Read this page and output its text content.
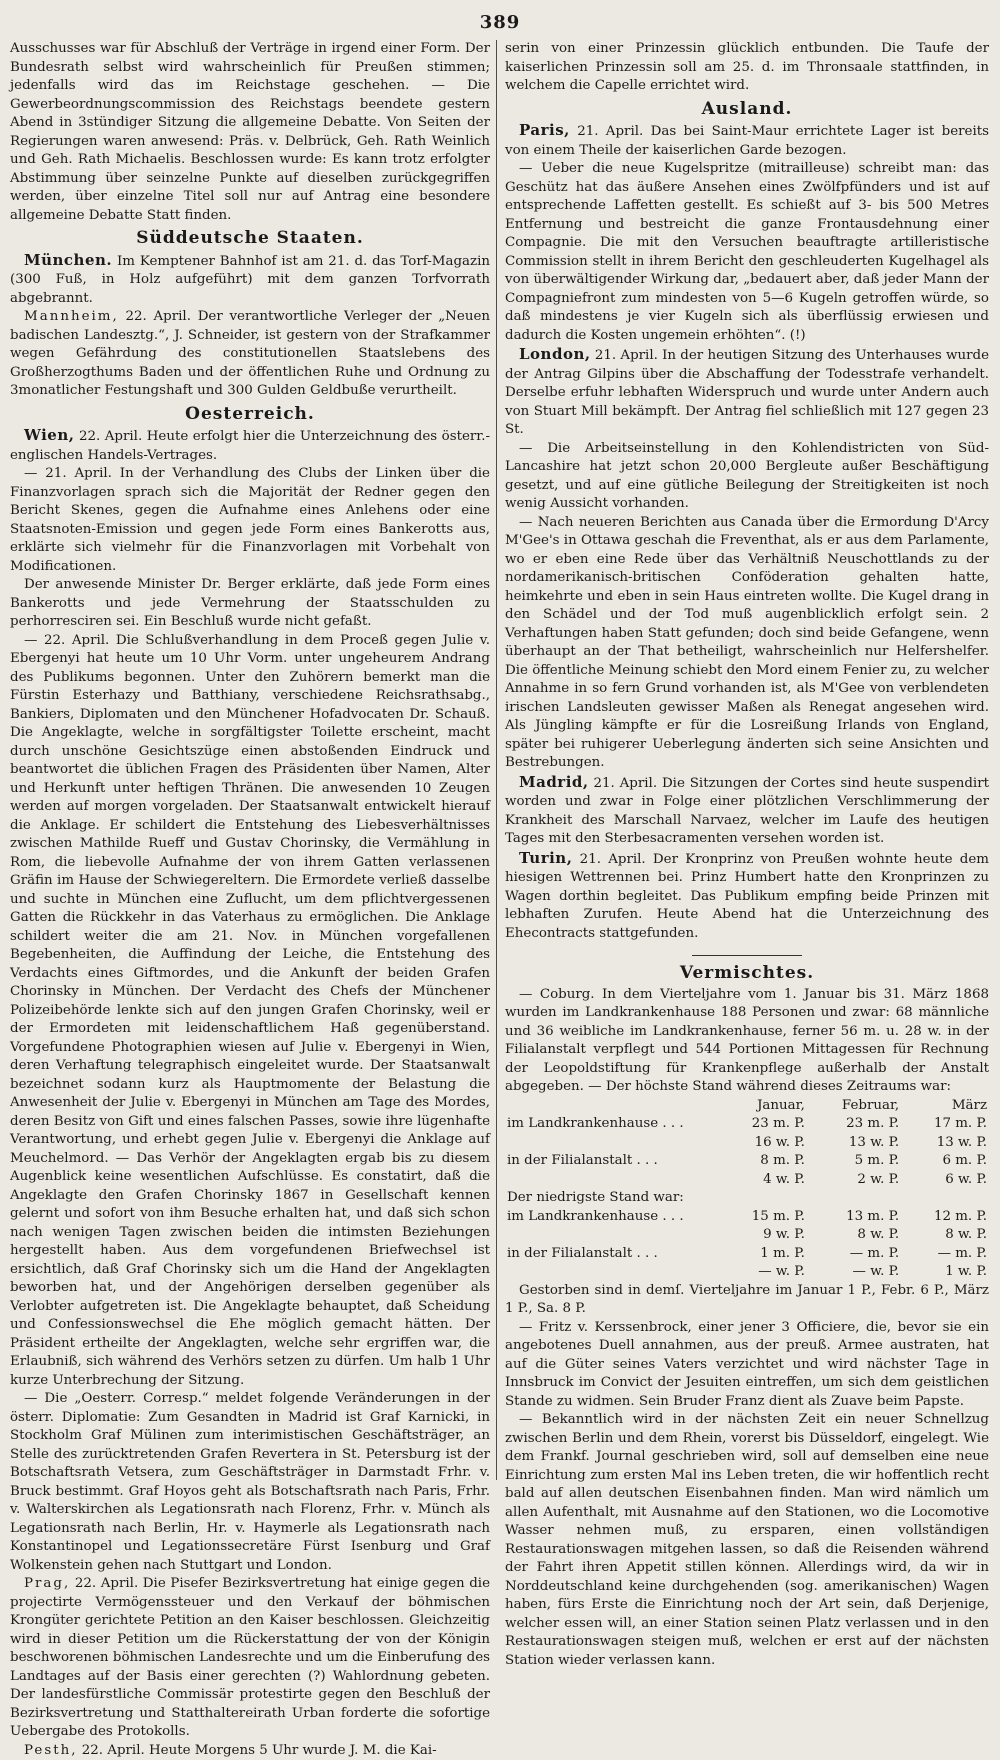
389

Ausschusses war für Abschluß der Verträge in irgend einer Form. Der Bundesrath selbst wird wahrscheinlich für Preußen stimmen; jedenfalls wird das im Reichstage geschehen. — Die Gewerbeordnungscommission des Reichstags beendete gestern Abend in 3stündiger Sitzung die allgemeine Debatte. Von Seiten der Regierungen waren anwesend: Präs. v. Delbrück, Geh. Rath Weinlich und Geh. Rath Michaelis. Beschlossen wurde: Es kann trotz erfolgter Abstimmung über seinzelne Punkte auf dieselben zurückgegriffen werden, über einzelne Titel soll nur auf Antrag eine besondere allgemeine Debatte Statt finden.

Süddeutsche Staaten.

München. Im Kemptener Bahnhof ist am 21. d. das Torf-Magazin (300 Fuß, in Holz aufgeführt) mit dem ganzen Torfvorrath abgebrannt.

Mannheim, 22. April. Der verantwortliche Verleger der „Neuen badischen Landesztg.“, J. Schneider, ist gestern von der Strafkammer wegen Gefährdung des constitutionellen Staatslebens des Großherzogthums Baden und der öffentlichen Ruhe und Ordnung zu 3monatlicher Festungshaft und 300 Gulden Geldbuße verurtheilt.

Oesterreich.

Wien, 22. April. Heute erfolgt hier die Unterzeichnung des österr.-englischen Handels-Vertrages.

— 21. April. In der Verhandlung des Clubs der Linken über die Finanzvorlagen sprach sich die Majorität der Redner gegen den Bericht Skenes, gegen die Aufnahme eines Anlehens oder eine Staatsnoten-Emission und gegen jede Form eines Bankerotts aus, erklärte sich vielmehr für die Finanzvorlagen mit Vorbehalt von Modificationen.

Der anwesende Minister Dr. Berger erklärte, daß jede Form eines Bankerotts und jede Vermehrung der Staatsschulden zu perhorresciren sei. Ein Beschluß wurde nicht gefaßt.

— 22. April. Die Schlußverhandlung in dem Proceß gegen Julie v. Ebergenyi hat heute um 10 Uhr Vorm. unter ungeheurem Andrang des Publikums begonnen. Unter den Zuhörern bemerkt man die Fürstin Esterhazy und Batthiany, verschiedene Reichsrathsabg., Bankiers, Diplomaten und den Münchener Hofadvocaten Dr. Schauß. Die Angeklagte, welche in sorgfältigster Toilette erscheint, macht durch unschöne Gesichtszüge einen abstoßenden Eindruck und beantwortet die üblichen Fragen des Präsidenten über Namen, Alter und Herkunft unter heftigen Thränen. Die anwesenden 10 Zeugen werden auf morgen vorgeladen. Der Staatsanwalt entwickelt hierauf die Anklage. Er schildert die Entstehung des Liebesverhältnisses zwischen Mathilde Rueff und Gustav Chorinsky, die Vermählung in Rom, die liebevolle Aufnahme der von ihrem Gatten verlassenen Gräfin im Hause der Schwiegereltern. Die Ermordete verließ dasselbe und suchte in München eine Zuflucht, um dem pflichtvergessenen Gatten die Rückkehr in das Vaterhaus zu ermöglichen. Die Anklage schildert weiter die am 21. Nov. in München vorgefallenen Begebenheiten, die Auffindung der Leiche, die Entstehung des Verdachts eines Giftmordes, und die Ankunft der beiden Grafen Chorinsky in München. Der Verdacht des Chefs der Münchener Polizeibehörde lenkte sich auf den jungen Grafen Chorinsky, weil er der Ermordeten mit leidenschaftlichem Haß gegenüberstand. Vorgefundene Photographien wiesen auf Julie v. Ebergenyi in Wien, deren Verhaftung telegraphisch eingeleitet wurde. Der Staatsanwalt bezeichnet sodann kurz als Hauptmomente der Belastung die Anwesenheit der Julie v. Ebergenyi in München am Tage des Mordes, deren Besitz von Gift und eines falschen Passes, sowie ihre lügenhafte Verantwortung, und erhebt gegen Julie v. Ebergenyi die Anklage auf Meuchelmord. — Das Verhör der Angeklagten ergab bis zu diesem Augenblick keine wesentlichen Aufschlüsse. Es constatirt, daß die Angeklagte den Grafen Chorinsky 1867 in Gesellschaft kennen gelernt und sofort von ihm Besuche erhalten hat, und daß sich schon nach wenigen Tagen zwischen beiden die intimsten Beziehungen hergestellt haben. Aus dem vorgefundenen Briefwechsel ist ersichtlich, daß Graf Chorinsky sich um die Hand der Angeklagten beworben hat, und der Angehörigen derselben gegenüber als Verlobter aufgetreten ist. Die Angeklagte behauptet, daß Scheidung und Confessionswechsel die Ehe möglich gemacht hätten. Der Präsident ertheilte der Angeklagten, welche sehr ergriffen war, die Erlaubniß, sich während des Verhörs setzen zu dürfen. Um halb 1 Uhr kurze Unterbrechung der Sitzung.

— Die „Oesterr. Corresp.“ meldet folgende Veränderungen in der österr. Diplomatie: Zum Gesandten in Madrid ist Graf Karnicki, in Stockholm Graf Mülinen zum interimistischen Geschäftsträger, an Stelle des zurücktretenden Grafen Revertera in St. Petersburg ist der Botschaftsrath Vetsera, zum Geschäftsträger in Darmstadt Frhr. v. Bruck bestimmt. Graf Hoyos geht als Botschaftsrath nach Paris, Frhr. v. Walterskirchen als Legationsrath nach Florenz, Frhr. v. Münch als Legationsrath nach Berlin, Hr. v. Haymerle als Legationsrath nach Konstantinopel und Legationssecretäre Fürst Isenburg und Graf Wolkenstein gehen nach Stuttgart und London.

Prag, 22. April. Die Pisefer Bezirksvertretung hat einige gegen die projectirte Vermögenssteuer und den Verkauf der böhmischen Krongüter gerichtete Petition an den Kaiser beschlossen. Gleichzeitig wird in dieser Petition um die Rückerstattung der von der Königin beschworenen böhmischen Landesrechte und um die Einberufung des Landtages auf der Basis einer gerechten (?) Wahlordnung gebeten. Der landesfürstliche Commissär protestirte gegen den Beschluß der Bezirksvertretung und Statthaltereirath Urban forderte die sofortige Uebergabe des Protokolls.

Pesth, 22. April. Heute Morgens 5 Uhr wurde J. M. die Kai-

serin von einer Prinzessin glücklich entbunden. Die Taufe der kaiserlichen Prinzessin soll am 25. d. im Thronsaale stattfinden, in welchem die Capelle errichtet wird.

Ausland.

Paris, 21. April. Das bei Saint-Maur errichtete Lager ist bereits von einem Theile der kaiserlichen Garde bezogen.

— Ueber die neue Kugelspritze (mitrailleuse) schreibt man: das Geschütz hat das äußere Ansehen eines Zwölfpfünders und ist auf entsprechende Laffetten gestellt. Es schießt auf 3- bis 500 Metres Entfernung und bestreicht die ganze Frontausdehnung einer Compagnie. Die mit den Versuchen beauftragte artilleristische Commission stellt in ihrem Bericht den geschleuderten Kugelhagel als von überwältigender Wirkung dar, „bedauert aber, daß jeder Mann der Compagniefront zum mindesten von 5—6 Kugeln getroffen würde, so daß mindestens je vier Kugeln sich als überflüssig erwiesen und dadurch die Kosten ungemein erhöhten“. (!)

London, 21. April. In der heutigen Sitzung des Unterhauses wurde der Antrag Gilpins über die Abschaffung der Todesstrafe verhandelt. Derselbe erfuhr lebhaften Widerspruch und wurde unter Andern auch von Stuart Mill bekämpft. Der Antrag fiel schließlich mit 127 gegen 23 St.

— Die Arbeitseinstellung in den Kohlendistricten von Süd-Lancashire hat jetzt schon 20,000 Bergleute außer Beschäftigung gesetzt, und auf eine gütliche Beilegung der Streitigkeiten ist noch wenig Aussicht vorhanden.

— Nach neueren Berichten aus Canada über die Ermordung D'Arcy M'Gee's in Ottawa geschah die Freventhat, als er aus dem Parlamente, wo er eben eine Rede über das Verhältniß Neuschottlands zu der nordamerikanisch-britischen Conföderation gehalten hatte, heimkehrte und eben in sein Haus eintreten wollte. Die Kugel drang in den Schädel und der Tod muß augenblicklich erfolgt sein. 2 Verhaftungen haben Statt gefunden; doch sind beide Gefangene, wenn überhaupt an der That betheiligt, wahrscheinlich nur Helfershelfer. Die öffentliche Meinung schiebt den Mord einem Fenier zu, zu welcher Annahme in so fern Grund vorhanden ist, als M'Gee von verblendeten irischen Landsleuten gewisser Maßen als Renegat angesehen wird. Als Jüngling kämpfte er für die Losreißung Irlands von England, später bei ruhigerer Ueberlegung änderten sich seine Ansichten und Bestrebungen.

Madrid, 21. April. Die Sitzungen der Cortes sind heute suspendirt worden und zwar in Folge einer plötzlichen Verschlimmerung der Krankheit des Marschall Narvaez, welcher im Laufe des heutigen Tages mit den Sterbesacramenten versehen worden ist.

Turin, 21. April. Der Kronprinz von Preußen wohnte heute dem hiesigen Wettrennen bei. Prinz Humbert hatte den Kronprinzen zu Wagen dorthin begleitet. Das Publikum empfing beide Prinzen mit lebhaften Zurufen. Heute Abend hat die Unterzeichnung des Ehecontracts stattgefunden.

Vermischtes.

— Coburg. In dem Vierteljahre vom 1. Januar bis 31. März 1868 wurden im Landkrankenhause 188 Personen und zwar: 68 männliche und 36 weibliche im Landkrankenhause, ferner 56 m. u. 28 w. in der Filialanstalt verpflegt und 544 Portionen Mittagessen für Rechnung der Leopoldstiftung für Krankenpflege außerhalb der Anstalt abgegeben. — Der höchste Stand während dieses Zeitraums war:

	Januar,	Februar,	März
im Landkrankenhause . . .	23 m. P.	23 m. P.	17 m. P.
	16 w. P.	13 w. P.	13 w. P.
in der Filialanstalt . . .	8 m. P.	5 m. P.	6 m. P.
	4 w. P.	2 w. P.	6 w. P.
Der niedrigste Stand war:			
im Landkrankenhause . . .	15 m. P.	13 m. P.	12 m. P.
	9 w. P.	8 w. P.	8 w. P.
in der Filialanstalt . . .	1 m. P.	— m. P.	— m. P.
	— w. P.	— w. P.	1 w. P.

Gestorben sind in demſ. Vierteljahre im Januar 1 P., Febr. 6 P., März 1 P., Sa. 8 P.

— Fritz v. Kerssenbrock, einer jener 3 Officiere, die, bevor sie ein angebotenes Duell annahmen, aus der preuß. Armee austraten, hat auf die Güter seines Vaters verzichtet und wird nächster Tage in Innsbruck im Convict der Jesuiten eintreffen, um sich dem geistlichen Stande zu widmen. Sein Bruder Franz dient als Zuave beim Papste.

— Bekanntlich wird in der nächsten Zeit ein neuer Schnellzug zwischen Berlin und dem Rhein, vorerst bis Düsseldorf, eingelegt. Wie dem Frankf. Journal geschrieben wird, soll auf demselben eine neue Einrichtung zum ersten Mal ins Leben treten, die wir hoffentlich recht bald auf allen deutschen Eisenbahnen finden. Man wird nämlich um allen Aufenthalt, mit Ausnahme auf den Stationen, wo die Locomotive Wasser nehmen muß, zu ersparen, einen vollständigen Restaurationswagen mitgehen lassen, so daß die Reisenden während der Fahrt ihren Appetit stillen können. Allerdings wird, da wir in Norddeutschland keine durchgehenden (sog. amerikanischen) Wagen haben, fürs Erste die Einrichtung noch der Art sein, daß Derjenige, welcher essen will, an einer Station seinen Platz verlassen und in den Restaurationswagen steigen muß, welchen er erst auf der nächsten Station wieder verlassen kann.
